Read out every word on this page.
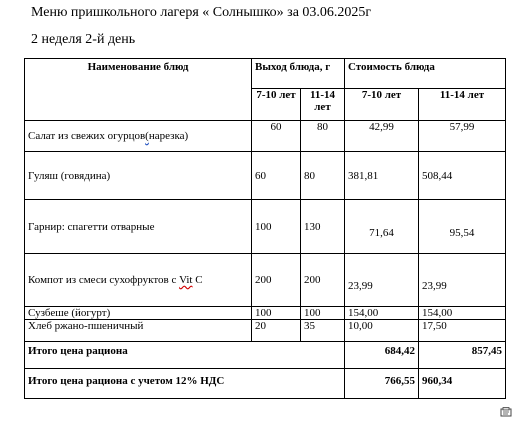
Меню пришкольного лагеря « Солнышко» за 03.06.2025г
2 неделя 2-й день
Наименование блюд	Выход блюда, г		Стоимость блюда	
	7-10 лет	11-14 лет	7-10 лет	11-14 лет
Салат из свежих огурцов(нарезка)	60	80	42,99	57,99
Гуляш (говядина)	60	80	381,81	508,44
Гарнир: спагетти отварные	100	130	71,64	95,54
Компот из смеси сухофруктов с Vit C	200	200	23,99	23,99
Сузбеше (йогурт)	100	100	154,00	154,00
Хлеб ржано-пшеничный	20	35	10,00	17,50
Итого цена рациона			684,42	857,45
Итого цена рациона с учетом 12% НДС			766,55	960,34
